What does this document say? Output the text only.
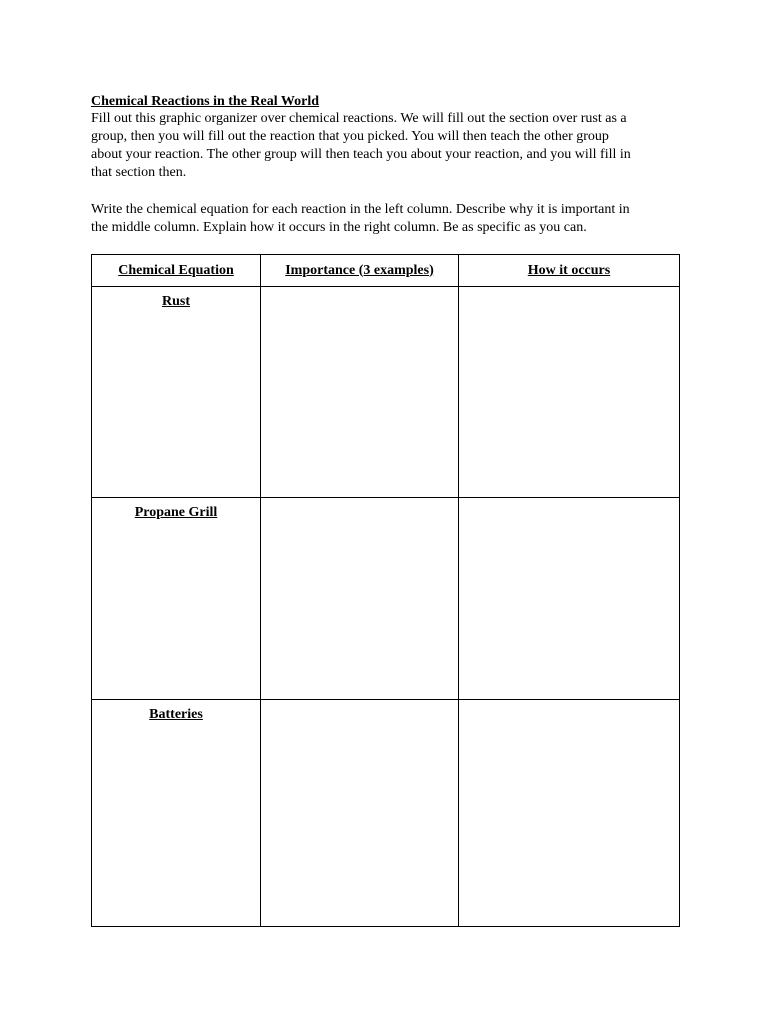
Chemical Reactions in the Real World

Fill out this graphic organizer over chemical reactions. We will fill out the section over rust as a
group, then you will fill out the reaction that you picked. You will then teach the other group
about your reaction. The other group will then teach you about your reaction, and you will fill in
that section then.

Write the chemical equation for each reaction in the left column. Describe why it is important in
the middle column. Explain how it occurs in the right column. Be as specific as you can.

Chemical Equation	Importance (3 examples)	How it occurs

Rust		

Propane Grill		

Batteries		
